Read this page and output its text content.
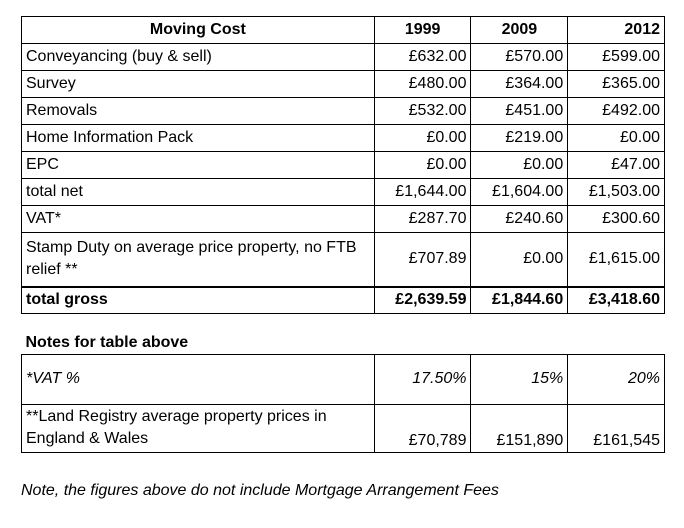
Moving Cost	1999	2009	2012
Conveyancing (buy & sell)	£632.00	£570.00	£599.00
Survey	£480.00	£364.00	£365.00
Removals	£532.00	£451.00	£492.00
Home Information Pack	£0.00	£219.00	£0.00
EPC	£0.00	£0.00	£47.00
total net	£1,644.00	£1,604.00	£1,503.00
VAT*	£287.70	£240.60	£300.60
Stamp Duty on average price property, no FTB relief **	£707.89	£0.00	£1,615.00
total gross	£2,639.59	£1,844.60	£3,418.60
Notes for table above			
*VAT %	17.50%	15%	20%
**Land Registry average property prices in England & Wales	£70,789	£151,890	£161,545
Note, the figures above do not include Mortgage Arrangement Fees
